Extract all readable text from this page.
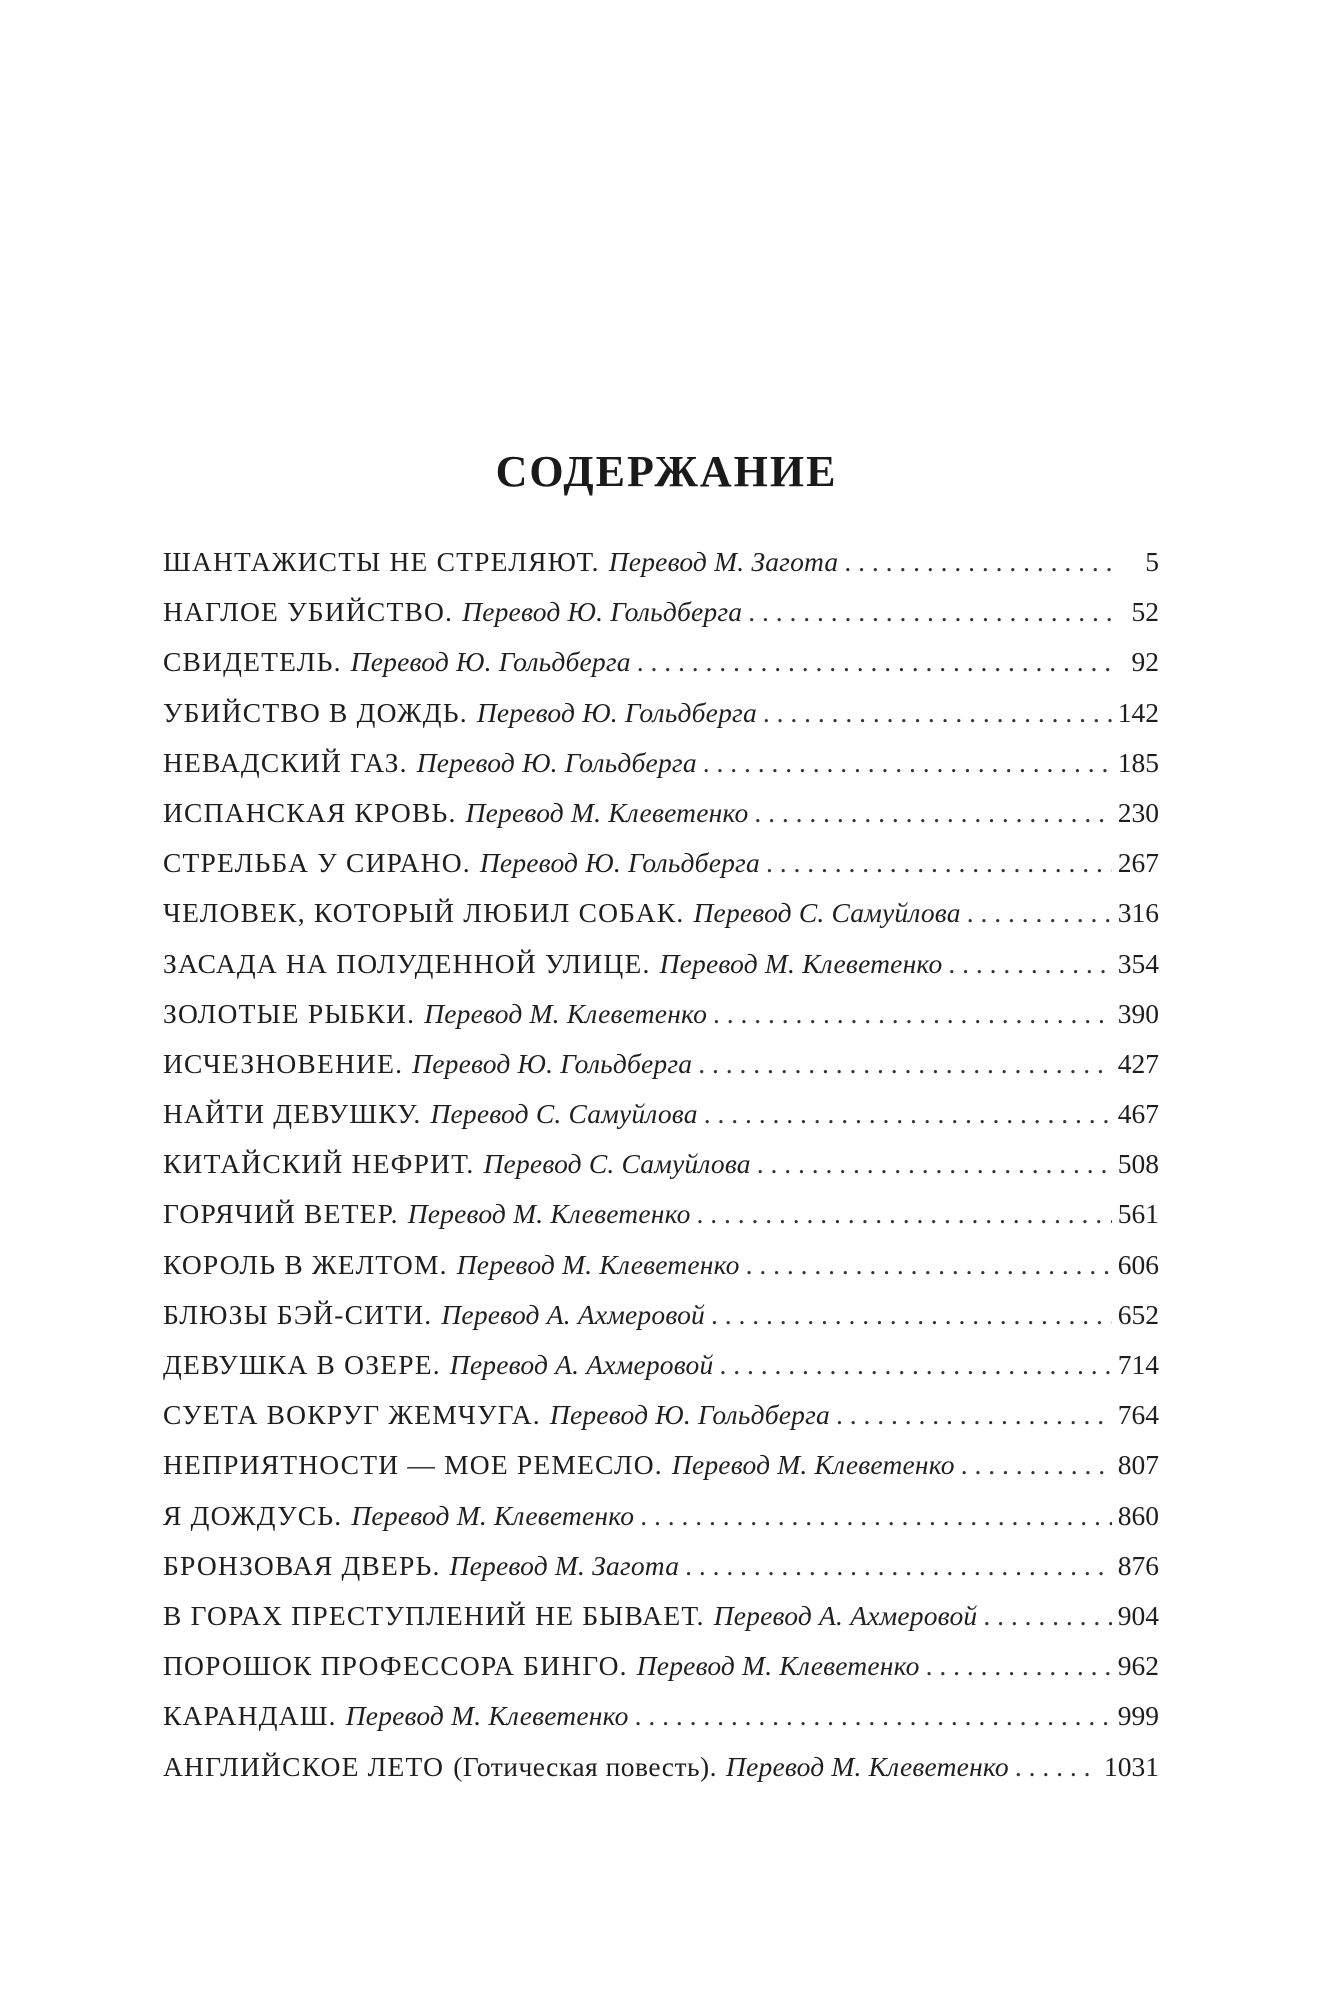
СОДЕРЖАНИЕ
ШАНТАЖИСТЫ НЕ СТРЕЛЯЮТ. Перевод М. Загота . . .	5
НАГЛОЕ УБИЙСТВО. Перевод Ю. Гольдберга . . .	52
СВИДЕТЕЛЬ. Перевод Ю. Гольдберга . . .	92
УБИЙСТВО В ДОЖДЬ. Перевод Ю. Гольдберга . . .	142
НЕВАДСКИЙ ГАЗ. Перевод Ю. Гольдберга . . .	185
ИСПАНСКАЯ КРОВЬ. Перевод М. Клеветенко . . .	230
СТРЕЛЬБА У СИРАНО. Перевод Ю. Гольдберга . . .	267
ЧЕЛОВЕК, КОТОРЫЙ ЛЮБИЛ СОБАК. Перевод С. Самуйлова . . .	316
ЗАСАДА НА ПОЛУДЕННОЙ УЛИЦЕ. Перевод М. Клеветенко . . .	354
ЗОЛОТЫЕ РЫБКИ. Перевод М. Клеветенко . . .	390
ИСЧЕЗНОВЕНИЕ. Перевод Ю. Гольдберга . . .	427
НАЙТИ ДЕВУШКУ. Перевод С. Самуйлова . . .	467
КИТАЙСКИЙ НЕФРИТ. Перевод С. Самуйлова . . .	508
ГОРЯЧИЙ ВЕТЕР. Перевод М. Клеветенко . . .	561
КОРОЛЬ В ЖЕЛТОМ. Перевод М. Клеветенко . . .	606
БЛЮЗЫ БЭЙ-СИТИ. Перевод А. Ахмеровой . . .	652
ДЕВУШКА В ОЗЕРЕ. Перевод А. Ахмеровой . . .	714
СУЕТА ВОКРУГ ЖЕМЧУГА. Перевод Ю. Гольдберга . . .	764
НЕПРИЯТНОСТИ — МОЕ РЕМЕСЛО. Перевод М. Клеветенко . . .	807
Я ДОЖДУСЬ. Перевод М. Клеветенко . . .	860
БРОНЗОВАЯ ДВЕРЬ. Перевод М. Загота . . .	876
В ГОРАХ ПРЕСТУПЛЕНИЙ НЕ БЫВАЕТ. Перевод А. Ахмеровой . . .	904
ПОРОШОК ПРОФЕССОРА БИНГО. Перевод М. Клеветенко . . .	962
КАРАНДАШ. Перевод М. Клеветенко . . .	999
АНГЛИЙСКОЕ ЛЕТО (Готическая повесть). Перевод М. Клеветенко . . .	1031
